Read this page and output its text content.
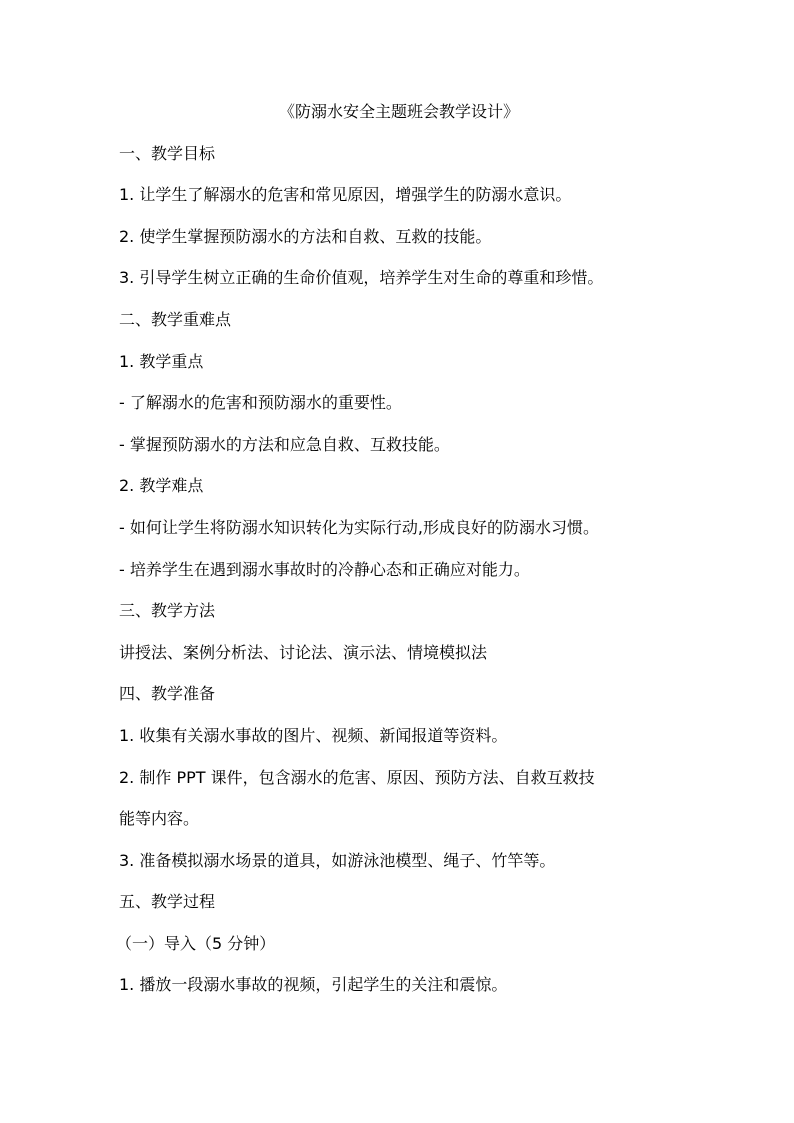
《防溺水安全主题班会教学设计》
一、教学目标
1. 让学生了解溺水的危害和常见原因，增强学生的防溺水意识。
2. 使学生掌握预防溺水的方法和自救、互救的技能。
3. 引导学生树立正确的生命价值观，培养学生对生命的尊重和珍惜。
二、教学重难点
1. 教学重点
- 了解溺水的危害和预防溺水的重要性。
- 掌握预防溺水的方法和应急自救、互救技能。
2. 教学难点
- 如何让学生将防溺水知识转化为实际行动,形成良好的防溺水习惯。
- 培养学生在遇到溺水事故时的冷静心态和正确应对能力。
三、教学方法
讲授法、案例分析法、讨论法、演示法、情境模拟法
四、教学准备
1. 收集有关溺水事故的图片、视频、新闻报道等资料。
2. 制作 PPT 课件，包含溺水的危害、原因、预防方法、自救互救技
能等内容。
3. 准备模拟溺水场景的道具，如游泳池模型、绳子、竹竿等。
五、教学过程
（一）导入（5 分钟）
1. 播放一段溺水事故的视频，引起学生的关注和震惊。
